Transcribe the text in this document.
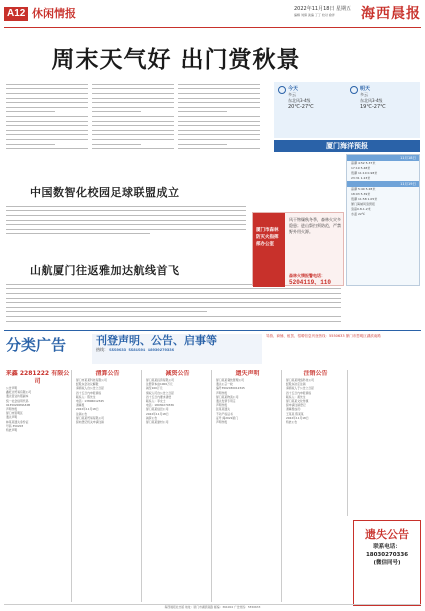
A12 休闲情报	2022年11月18日 星期五
编辑 刘倩 美编 丁丁 校对 俞洋	海西晨报
周末天气好 出门赏秋景
今天
多云
东北风3-4级
20℃-27℃
明天
多云
东北风3-4级
19℃-27℃
厦门海洋预报
11月18日
高潮 4:52 5.37米
17:19 5.48米
低潮 11:10 0.98米
23:31 1.23米
11月19日
高潮 5:40 5.28米
18:03 5.39米
低潮 11:58 1.05米
厦门海域风浪预报
浪高0.8-1.2米
水温 22℃
中国数智化校园足球联盟成立
山航厦门往返雅加达航线首飞
厦门市森林防灭火指挥部办公室
风干物燥秋冬季，森林火灾多隐患；进山祭扫须防范，严禁野外用火源。
森林火情报警电话：
5204119、110
分类广告	刊登声明、公告、启事等
热线： 5550633 5581501 18030270336
导游、商铺、租赁、招聘信息刊登热线：5550633 厦门市思明区湖滨南路
来鑫 2281222 有限公司
公告声明
鑫旺达贸易有限公司
遗失营业执照副本
统一社会信用代码
91350200MA32B
声明作废
厦门市思明区
遗失声明
林某某遗失身份证
号码 350203
特此声明
清算公告
厦门市某某科技有限公司
经股东会决议解散
请债权人自公告之日起
四十五日内申报债权
联系人：陈先生
电话：13806012345
清算组
2022年11月18日
注销公告
厦门某某贸易有限公司
拟向登记机关申请注销
减资公告
厦门某某投资有限公司
注册资本由1000万元
减至100万元
债权人可自公告之日起
四十五日内要求清偿
联系人：李女士
电话：18030270336
厦门某某信息公司
2022年11月18日
减资公告
厦门某某建材公司
遗失声明
厦门某某餐饮管理公司
遗失公章一枚
编号3502030012345
声明作废
厦门某某物流公司
遗失发票专用章
声明作废
张某某遗失
不动产权证书
证号 闽2021厦门
声明作废
注销公告
厦门某某网络科技公司
经股东决定注销
请债权人于公告之日起
四十五日内申报债权
联系人：黄先生
厦门某某文化传媒
拟申请注销登记
清算组成员：
王某某 陈某某
2022年11月18日
特此公告
遗失公告
联系电话：
18030270336
(微信同号)
海西晨报社出版 地址：厦门市湖滨南路 邮编：361004 广告热线：5550633
